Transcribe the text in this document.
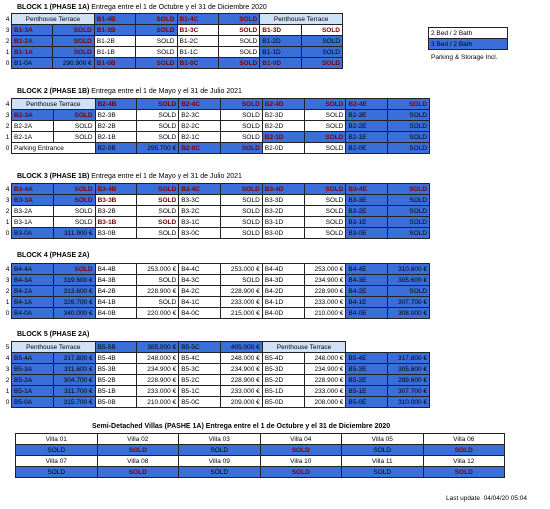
BLOCK 1 (PHASE 1A) Entrega entre el 1 de Octubre y el 31 de Diciembre 2020
BLOCK 2 (PHASE 1B) Entrega entre el 1 de Mayo y el 31 de Julio 2021
BLOCK 3 (PHASE 1B) Entrega entre el 1 de Mayo y el 31 de Julio 2021
BLOCK 4 (PHASE 2A)
BLOCK 5 (PHASE 2A)
4	Penthouse Terrace		B1-4B	SOLD	B1-4C	SOLD	Penthouse Terrace	
3	B1-3A	SOLD	B1-3B	SOLD	B1-3C	SOLD	B1-3D	SOLD
2	B1-2A	SOLD	B1-2B	SOLD	B1-2C	SOLD	B1-2D	SOLD
1	B1-1A	SOLD	B1-1B	SOLD	B1-1C	SOLD	B1-1D	SOLD
0	B1-0A	290.900 €	B1-0B	SOLD	B1-0C	SOLD	B1-0D	SOLD
4	Penthouse Terrace		B2-4B	SOLD	B2-4C	SOLD	B2-4D	SOLD	B2-4E	SOLD
3	B2-3A	SOLD	B2-3B	SOLD	B2-3C	SOLD	B2-3D	SOLD	B2-3E	SOLD
2	B2-2A	SOLD	B2-2B	SOLD	B2-2C	SOLD	B2-2D	SOLD	B2-2E	SOLD
1	B2-1A	SOLD	B2-1B	SOLD	B2-1C	SOLD	B2-1D	SOLD	B2-1E	SOLD
0	Parking Entrance		B2-0B	295.700 €	B2-0C	SOLD	B2-0D	SOLD	B2-0E	SOLD
4	B3-4A	SOLD	B3-4B	SOLD	B3-4C	SOLD	B3-4D	SOLD	B3-4E	SOLD
3	B3-3A	SOLD	B3-3B	SOLD	B3-3C	SOLD	B3-3D	SOLD	B3-3E	SOLD
2	B3-2A	SOLD	B3-2B	SOLD	B3-2C	SOLD	B3-2D	SOLD	B3-2E	SOLD
1	B3-1A	SOLD	B3-1B	SOLD	B3-1C	SOLD	B3-1D	SOLD	B3-1E	SOLD
0	B3-0A	311.900 €	B3-0B	SOLD	B3-0C	SOLD	B3-0D	SOLD	B3-0E	SOLD
4	B4-4A	SOLD	B4-4B	253.000 €	B4-4C	253.000 €	B4-4D	253.000 €	B4-4E	310.800 €
3	B4-3A	319.600 €	B4-3B	SOLD	B4-3C	SOLD	B4-3D	234.900 €	B4-3E	305.600 €
2	B4-2A	313.600 €	B4-2B	228.900 €	B4-2C	228.900 €	B4-2D	228.900 €	B4-2E	SOLD
1	B4-1A	326.700 €	B4-1B	SOLD	B4-1C	233.000 €	B4-1D	233.000 €	B4-1E	307.700 €
0	B4-0A	340.000 €	B4-0B	220.000 €	B4-0C	215.000 €	B4-0D	210.000 €	B4-0E	308.000 €
5	Penthouse Terrace		B5-5B	385.000 €	B5-5C	405.000 €	Penthouse Terrace			
4	B5-4A	317.800 €	B5-4B	248.000 €	B5-4C	248.000 €	B5-4D	248.000 €	B5-4E	317.800 €
3	B5-3A	311.600 €	B5-3B	234.900 €	B5-3C	234.900 €	B5-3D	234.900 €	B5-3E	305.600 €
2	B5-2A	304.700 €	B5-2B	228.900 €	B5-2C	228.900 €	B5-2D	228.900 €	B5-2E	299.600 €
1	B5-1A	311.700 €	B5-1B	233.000 €	B5-1C	233.000 €	B5-1D	233.000 €	B5-1E	307.700 €
0	B5-0A	315.700 €	B5-0B	210.000 €	B5-0C	209.000 €	B5-0D	208.000 €	B5-0E	310.000 €
2 Bed / 2 Bath
3 Bed / 2 Bath
Parking & Storage Incl.
Semi-Detached Villas (PASHE 1A) Entrega entre el 1 de Octubre y el 31 de Diciembre 2020
Villa 01	Villa 02	Villa 03	Villa 04	Villa 05	Villa 06
SOLD	SOLD	SOLD	SOLD	SOLD	SOLD
Villa 07	Villa 08	Villa 09	Villa 10	Villa 11	Villa 12
SOLD	SOLD	SOLD	SOLD	SOLD	SOLD
Last update 04/04/20 05:04
